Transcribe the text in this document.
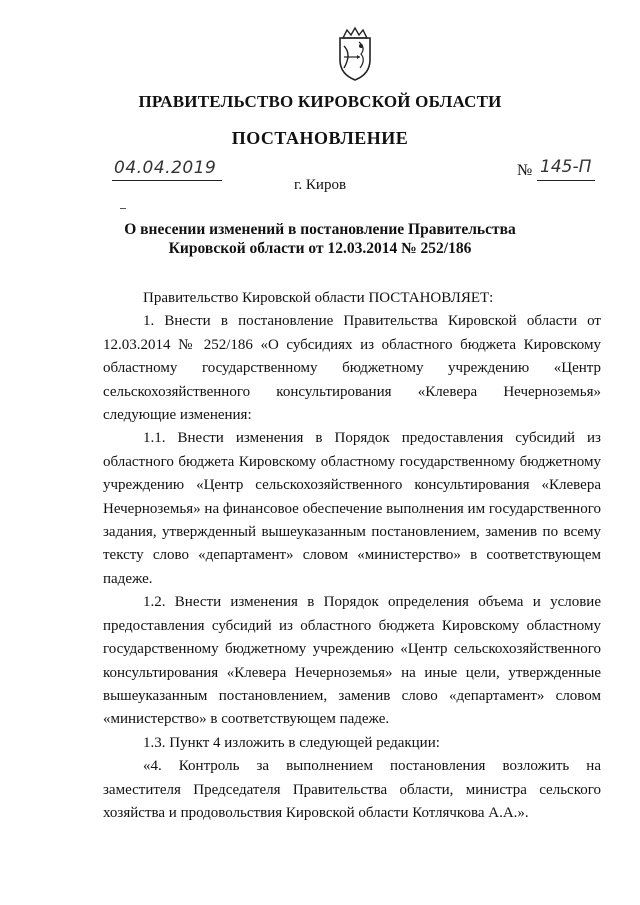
ПРАВИТЕЛЬСТВО КИРОВСКОЙ ОБЛАСТИ
ПОСТАНОВЛЕНИЕ
04.04.2019	№ 145-П
г. Киров
О внесении изменений в постановление Правительства
Кировской области от 12.03.2014 № 252/186

Правительство Кировской области ПОСТАНОВЛЯЕТ:

1. Внести в постановление Правительства Кировской области от 12.03.2014 № 252/186 «О субсидиях из областного бюджета Кировскому областному государственному бюджетному учреждению «Центр сельскохозяйственного консультирования «Клевера Нечерноземья» следующие изменения:

1.1. Внести изменения в Порядок предоставления субсидий из областного бюджета Кировскому областному государственному бюджетному учреждению «Центр сельскохозяйственного консультирования «Клевера Нечерноземья» на финансовое обеспечение выполнения им государственного задания, утвержденный вышеуказанным постановлением, заменив по всему тексту слово «департамент» словом «министерство» в соответствующем падеже.

1.2. Внести изменения в Порядок определения объема и условие предоставления субсидий из областного бюджета Кировскому областному государственному бюджетному учреждению «Центр сельскохозяйственного консультирования «Клевера Нечерноземья» на иные цели, утвержденные вышеуказанным постановлением, заменив слово «департамент» словом «министерство» в соответствующем падеже.

1.3. Пункт 4 изложить в следующей редакции:

«4. Контроль за выполнением постановления возложить на заместителя Председателя Правительства области, министра сельского хозяйства и продовольствия Кировской области Котлячкова А.А.».
